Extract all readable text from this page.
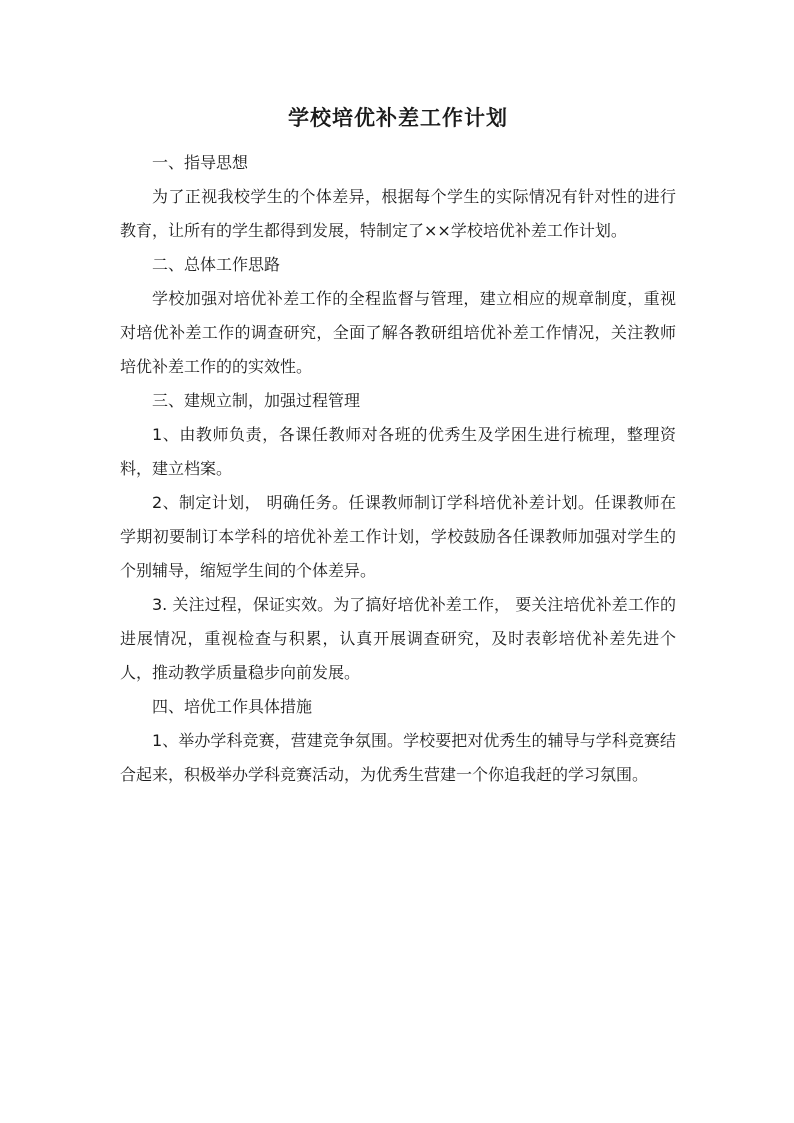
学校培优补差工作计划

一、指导思想

为了正视我校学生的个体差异，根据每个学生的实际情况有针对性的进行教育，让所有的学生都得到发展，特制定了××学校培优补差工作计划。

二、总体工作思路

学校加强对培优补差工作的全程监督与管理，建立相应的规章制度，重视对培优补差工作的调查研究，全面了解各教研组培优补差工作情况，关注教师培优补差工作的的实效性。

三、建规立制，加强过程管理

1、由教师负责，各课任教师对各班的优秀生及学困生进行梳理，整理资料，建立档案。

2、制定计划， 明确任务。任课教师制订学科培优补差计划。任课教师在学期初要制订本学科的培优补差工作计划，学校鼓励各任课教师加强对学生的个别辅导，缩短学生间的个体差异。

3. 关注过程，保证实效。为了搞好培优补差工作， 要关注培优补差工作的进展情况，重视检查与积累，认真开展调查研究，及时表彰培优补差先进个人，推动教学质量稳步向前发展。

四、培优工作具体措施

1、举办学科竞赛，营建竞争氛围。学校要把对优秀生的辅导与学科竞赛结合起来，积极举办学科竞赛活动，为优秀生营建一个你追我赶的学习氛围。
